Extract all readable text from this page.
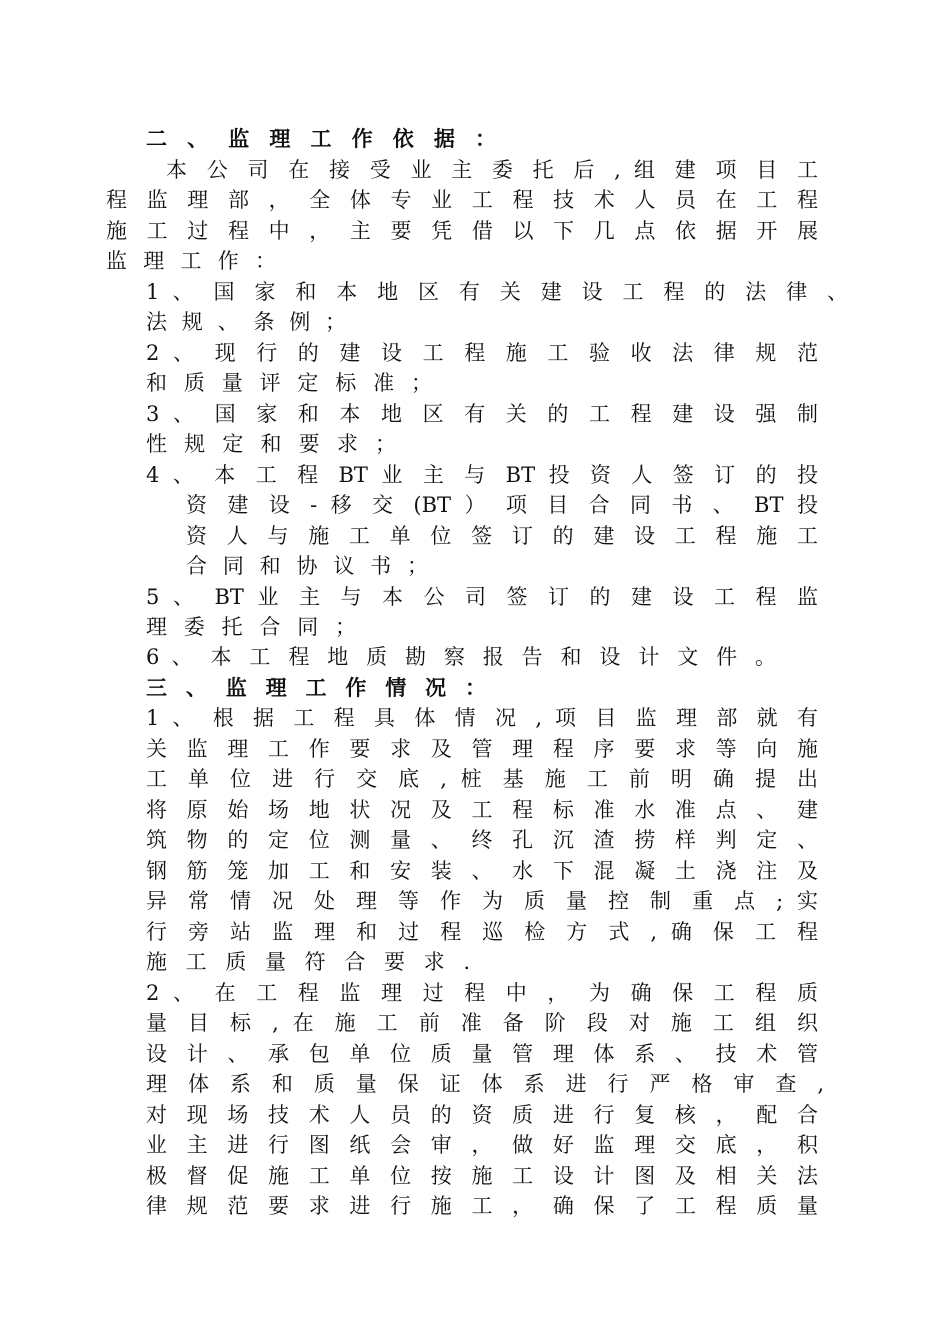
二 、 监 理 工 作 依 据 ：
本 公 司 在 接 受 业 主 委 托 后 , 组 建 项 目 工
程 监 理 部 ， 全 体 专 业 工 程 技 术 人 员 在 工 程
施 工 过 程 中 ， 主 要 凭 借 以 下 几 点 依 据 开 展
监 理 工 作 ：
1 、 国 家 和 本 地 区 有 关 建 设 工 程 的 法 律 、
法 规 、 条 例 ；
2 、 现 行 的 建 设 工 程 施 工 验 收 法 律 规 范
和 质 量 评 定 标 准 ；
3 、 国 家 和 本 地 区 有 关 的 工 程 建 设 强 制
性 规 定 和 要 求 ；
4 、 本 工 程 BT 业 主 与 BT 投 资 人 签 订 的 投
资 建 设 - 移 交 (BT ） 项 目 合 同 书 、 BT 投
资 人 与 施 工 单 位 签 订 的 建 设 工 程 施 工
合 同 和 协 议 书 ；
5 、 BT 业 主 与 本 公 司 签 订 的 建 设 工 程 监
理 委 托 合 同 ；
6 、 本 工 程 地 质 勘 察 报 告 和 设 计 文 件 。
三 、 监 理 工 作 情 况 ：
1 、 根 据 工 程 具 体 情 况 , 项 目 监 理 部 就 有
关 监 理 工 作 要 求 及 管 理 程 序 要 求 等 向 施
工 单 位 进 行 交 底 , 桩 基 施 工 前 明 确 提 出
将 原 始 场 地 状 况 及 工 程 标 准 水 准 点 、 建
筑 物 的 定 位 测 量 、 终 孔 沉 渣 捞 样 判 定 、
钢 筋 笼 加 工 和 安 装 、 水 下 混 凝 土 浇 注 及
异 常 情 况 处 理 等 作 为 质 量 控 制 重 点 ; 实
行 旁 站 监 理 和 过 程 巡 检 方 式 , 确 保 工 程
施 工 质 量 符 合 要 求 .
2 、 在 工 程 监 理 过 程 中 ， 为 确 保 工 程 质
量 目 标 , 在 施 工 前 准 备 阶 段 对 施 工 组 织
设 计 、 承 包 单 位 质 量 管 理 体 系 、 技 术 管
理 体 系 和 质 量 保 证 体 系 进 行 严 格 审 查 ,
对 现 场 技 术 人 员 的 资 质 进 行 复 核 ， 配 合
业 主 进 行 图 纸 会 审 ， 做 好 监 理 交 底 ， 积
极 督 促 施 工 单 位 按 施 工 设 计 图 及 相 关 法
律 规 范 要 求 进 行 施 工 ， 确 保 了 工 程 质 量
